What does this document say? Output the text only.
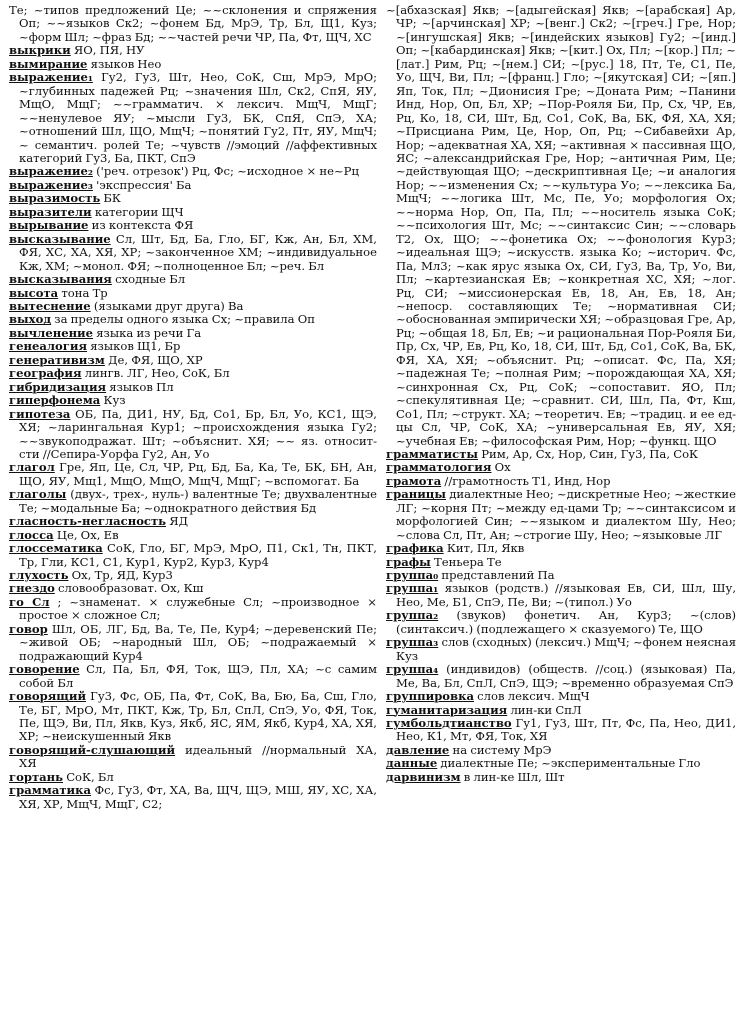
Те; ~типов предложений Це; ~~склонения и спряжения Оп; ~~языков Ск2; ~фонем Бд, МрЭ, Тр, Бл, Щ1, Куз; ~форм Шл; ~фраз Бд; ~~частей речи ЧР, Па, Фт, ЩЧ, ХС
выкрики ЯО, ПЯ, НУ
вымирание языков Нео
выражение₁ Гу2, Гу3, Шт, Нео, СоК, Сш, МрЭ, МрО; ~глубинных падежей Рц; ~значения Шл, Ск2, СпЯ, ЯУ, МщО, МщГ; ~~грамматич. × лексич. МщЧ, МщГ; ~~ненулевое ЯУ; ~мысли Гу3, БК, СпЯ, СпЭ, ХА; ~отношений Шл, ЩО, МщЧ; ~понятий Гу2, Пт, ЯУ, МщЧ; ~ семантич. ролей Те; ~чувств //эмоций //аффективных категорий Гу3, Ба, ПКТ, СпЭ
выражение₂ ('реч. отрезок') Рц, Фс; ~исходное × не~Рц
выражение₃ 'экспрессия' Ба
выразимость БК
выразители категории ЩЧ
вырывание из контекста ФЯ
высказывание Сл, Шт, Бд, Ба, Гло, БГ, Кж, Ан, Бл, ХМ, ФЯ, ХС, ХА, ХЯ, ХР; ~законченное ХМ; ~индивидуальное Кж, ХМ; ~монол. ФЯ; ~полноценное Бл; ~реч. Бл
высказывания сходные Бл
высота тона Тр
вытеснение (языками друг друга) Ва
выход за пределы одного языка Сх; ~правила Оп
вычленение языка из речи Га
генеалогия языков Щ1, Бр
генеративизм Де, ФЯ, ЩО, ХР
география лингв. ЛГ, Нео, СоК, Бл
гибридизация языков Пл
гиперфонема Куз
гипотеза ОБ, Па, ДИ1, НУ, Бд, Со1, Бр, Бл, Уо, КС1, ЩЭ, ХЯ; ~ларингальная Кур1; ~происхождения языка Гу2; ~~звукоподражат. Шт; ~объяснит. ХЯ; ~~ яз. относит-сти //Сепира-Уорфа Гу2, Ан, Уо
глагол Гре, Яп, Це, Сл, ЧР, Рц, Бд, Ба, Ка, Те, БК, БН, Ан, ЩО, ЯУ, Мщ1, МщО, МщО, МщЧ, МщГ; ~вспомогат. Ба
глаголы (двух-, трех-, нуль-) валентные Те; двухвалентные Те; ~модальные Ба; ~однократного действия Бд
гласность-негласность ЯД
глосса Це, Ох, Ев
глоссематика СоК, Гло, БГ, МрЭ, МрО, П1, Ск1, Тн, ПКТ, Тр, Гли, КС1, С1, Кур1, Кур2, Кур3, Кур4
глухость Ох, Тр, ЯД, Кур3
гнездо словообразоват. Ох, Кш
го Сл ; ~знаменат. × служебные Сл; ~производное × простое × сложное Сл;
говор Шл, ОБ, ЛГ, Бд, Ва, Те, Пе, Кур4; ~деревенский Пе; ~живой ОБ; ~народный Шл, ОБ; ~подражаемый × подражающий Кур4
говорение Сл, Па, Бл, ФЯ, Ток, ЩЭ, Пл, ХА; ~с самим собой Бл
говорящий Гу3, Фс, ОБ, Па, Фт, СоК, Ва, Бю, Ба, Сш, Гло, Те, БГ, МрО, Мт, ПКТ, Кж, Тр, Бл, СпЛ, СпЭ, Уо, ФЯ, Ток, Пе, ЩЭ, Ви, Пл, Якв, Куз, Якб, ЯС, ЯМ, Якб, Кур4, ХА, ХЯ, ХР; ~неискушенный Якв
говорящий-слушающий идеальный //нормальный ХА, ХЯ
гортань СоК, Бл
грамматика Фс, Гу3, Фт, ХА, Ва, ЩЧ, ЩЭ, МШ, ЯУ, ХС, ХА, ХЯ, ХР, МщЧ, МщГ, С2;
~[абхазская] Якв; ~[адыгейская] Якв; ~[арабская] Ар, ЧР; ~[арчинская] ХР; ~[венг.] Ск2; ~[греч.] Гре, Нор; ~[ингушская] Якв; ~[индейских языков] Гу2; ~[инд.] Оп; ~[кабардинская] Якв; ~[кит.] Ох, Пл; ~[кор.] Пл; ~[лат.] Рим, Рц; ~[нем.] СИ; ~[рус.] 18, Пт, Те, С1, Пе, Уо, ЩЧ, Ви, Пл; ~[франц.] Гло; ~[якутская] СИ; ~[яп.] Яп, Ток, Пл; ~Дионисия Гре; ~Доната Рим; ~Панини Инд, Нор, Оп, Бл, ХР; ~Пор-Рояля Би, Пр, Сх, ЧР, Ев, Рц, Ко, 18, СИ, Шт, Бд, Со1, СоК, Ва, БК, ФЯ, ХА, ХЯ; ~Присциана Рим, Це, Нор, Оп, Рц; ~Сибавейхи Ар, Нор; ~адекватная ХА, ХЯ; ~активная × пассивная ЩО, ЯС; ~александрийская Гре, Нор; ~античная Рим, Це; ~действующая ЩО; ~дескриптивная Це; ~и аналогия Нор; ~~изменения Сх; ~~культура Уо; ~~лексика Ба, МщЧ; ~~логика Шт, Мс, Пе, Уо; морфология Ох; ~~норма Нор, Оп, Па, Пл; ~~носитель языка СоК; ~~психология Шт, Мс; ~~синтаксис Син; ~~словарь Т2, Ох, ЩО; ~~фонетика Ох; ~~фонология Кур3; ~идеальная ЩЭ; ~искусств. языка Ко; ~историч. Фс, Па, Мл3; ~как ярус языка Ох, СИ, Гу3, Ва, Тр, Уо, Ви, Пл; ~картезианская Ев; ~конкретная ХС, ХЯ; ~лог. Рц, СИ; ~миссионерская Ев, 18, Ан, Ев, 18, Ан; ~непоср. составляющих Те; ~нормативная СИ; ~обоснованная эмпирически ХЯ; ~образцовая Гре, Ар, Рц; ~общая 18, Бл, Ев; ~и рациональная Пор-Рояля Би, Пр, Сх, ЧР, Ев, Рц, Ко, 18, СИ, Шт, Бд, Со1, СоК, Ва, БК, ФЯ, ХА, ХЯ; ~объяснит. Рц; ~описат. Фс, Па, ХЯ; ~падежная Те; ~полная Рим; ~порождающая ХА, ХЯ; ~синхронная Сх, Рц, СоК; ~сопоставит. ЯО, Пл; ~спекулятивная Це; ~сравнит. СИ, Шл, Па, Фт, Кш, Со1, Пл; ~структ. ХА; ~теоретич. Ев; ~традиц. и ее ед-цы Сл, ЧР, СоК, ХА; ~универсальная Ев, ЯУ, ХЯ; ~учебная Ев; ~философская Рим, Нор; ~функц. ЩО
грамматисты Рим, Ар, Сх, Нор, Син, Гу3, Па, СоК
грамматология Ох
грамота //грамотность Т1, Инд, Нор
границы диалектные Нео; ~дискретные Нео; ~жесткие ЛГ; ~корня Пт; ~между ед-цами Тр; ~~синтаксисом и морфологией Син; ~~языком и диалектом Шу, Нео; ~слова Сл, Пт, Ан; ~строгие Шу, Нео; ~языковые ЛГ
графика Кит, Пл, Якв
графы Теньера Те
группа₀ представлений Па
группа₁ языков (родств.) //языковая Ев, СИ, Шл, Шу, Нео, Ме, Б1, СпЭ, Пе, Ви; ~(типол.) Уо
группа₂ (звуков) фонетич. Ан, Кур3; ~(слов) (синтаксич.) (подлежащего × сказуемого) Те, ЩО
группа₃ слов (сходных) (лексич.) МщЧ; ~фонем неясная Куз
группа₄ (индивидов) (обществ. //соц.) (языковая) Па, Ме, Ва, Бл, СпЛ, СпЭ, ЩЭ; ~временно образуемая СпЭ
группировка слов лексич. МщЧ
гуманитаризация лин-ки СпЛ
гумбольдтианство Гу1, Гу3, Шт, Пт, Фс, Па, Нео, ДИ1, Нео, К1, Мт, ФЯ, Ток, ХЯ
давление на систему МрЭ
данные диалектные Пе; ~экспериментальные Гло
дарвинизм в лин-ке Шл, Шт
